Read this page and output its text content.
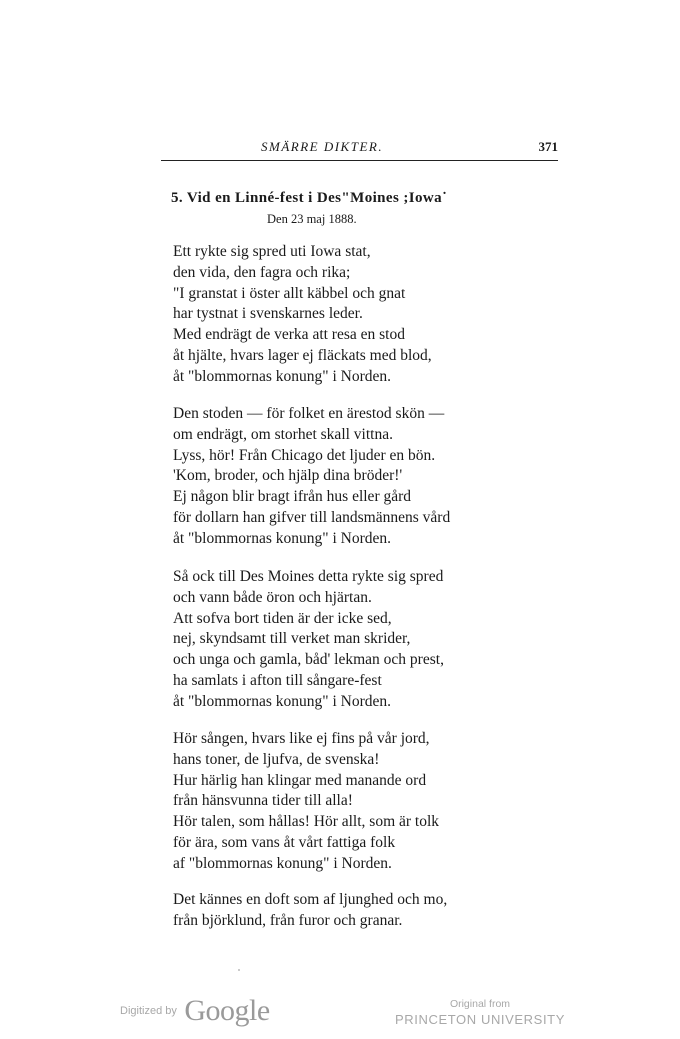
SMÄRRE DIKTER.	371
5. Vid en Linné-fest i Des"Moines ;Iowa˙
Den 23 maj 1888.
Ett rykte sig spred uti Iowa stat,
den vida, den fagra och rika;
"I granstat i öster allt käbbel och gnat
har tystnat i svenskarnes leder.
Med endrägt de verka att resa en stod
åt hjälte, hvars lager ej fläckats med blod,
åt "blommornas konung" i Norden.
Den stoden — för folket en ärestod skön —
om endrägt, om storhet skall vittna.
Lyss, hör! Från Chicago det ljuder en bön.
'Kom, broder, och hjälp dina bröder!'
Ej någon blir bragt ifrån hus eller gård
för dollarn han gifver till landsmännens vård
åt "blommornas konung" i Norden.
Så ock till Des Moines detta rykte sig spred
och vann både öron och hjärtan.
Att sofva bort tiden är der icke sed,
nej, skyndsamt till verket man skrider,
och unga och gamla, båd' lekman och prest,
ha samlats i afton till sångare-fest
åt "blommornas konung" i Norden.
Hör sången, hvars like ej fins på vår jord,
hans toner, de ljufva, de svenska!
Hur härlig han klingar med manande ord
från hänsvunna tider till alla!
Hör talen, som hållas! Hör allt, som är tolk
för ära, som vans åt vårt fattiga folk
af "blommornas konung" i Norden.
Det kännes en doft som af ljunghed och mo,
från björklund, från furor och granar.
Digitized by Google	Original from
PRINCETON UNIVERSITY
